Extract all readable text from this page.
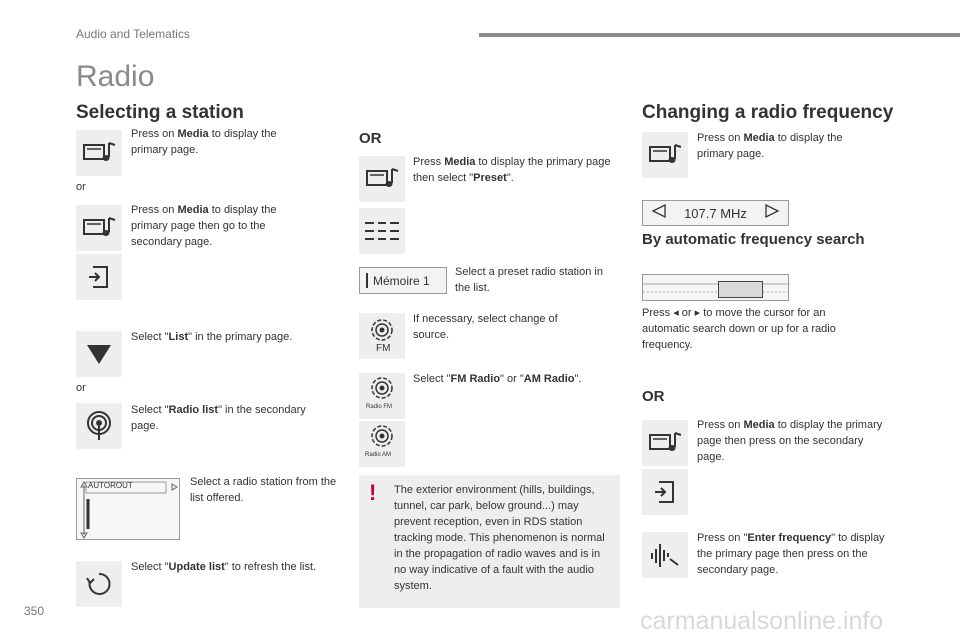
Audio and Telematics
Radio
Selecting a station
Press on Media to display the primary page.
or
Press on Media to display the primary page then go to the secondary page.
Select "List" in the primary page.
or
Select "Radio list" in the secondary page.
AUTOROUT	Select a radio station from the list offered.
Select "Update list" to refresh the list.
OR
Press Media to display the primary page then select "Preset".
Mémoire 1
Select a preset radio station in the list.
FM
If necessary, select change of source.
Radio FM
Select "FM Radio" or "AM Radio".
Radio AM
! The exterior environment (hills, buildings, tunnel, car park, below ground...) may prevent reception, even in RDS station tracking mode. This phenomenon is normal in the propagation of radio waves and is in no way indicative of a fault with the audio system.
Changing a radio frequency
Press on Media to display the primary page.
107.7 MHz
By automatic frequency search
Press ◂ or ▸ to move the cursor for an automatic search down or up for a radio frequency.
OR
Press on Media to display the primary page then press on the secondary page.
Press on "Enter frequency" to display the primary page then press on the secondary page.
350	carmanualsonline.info
